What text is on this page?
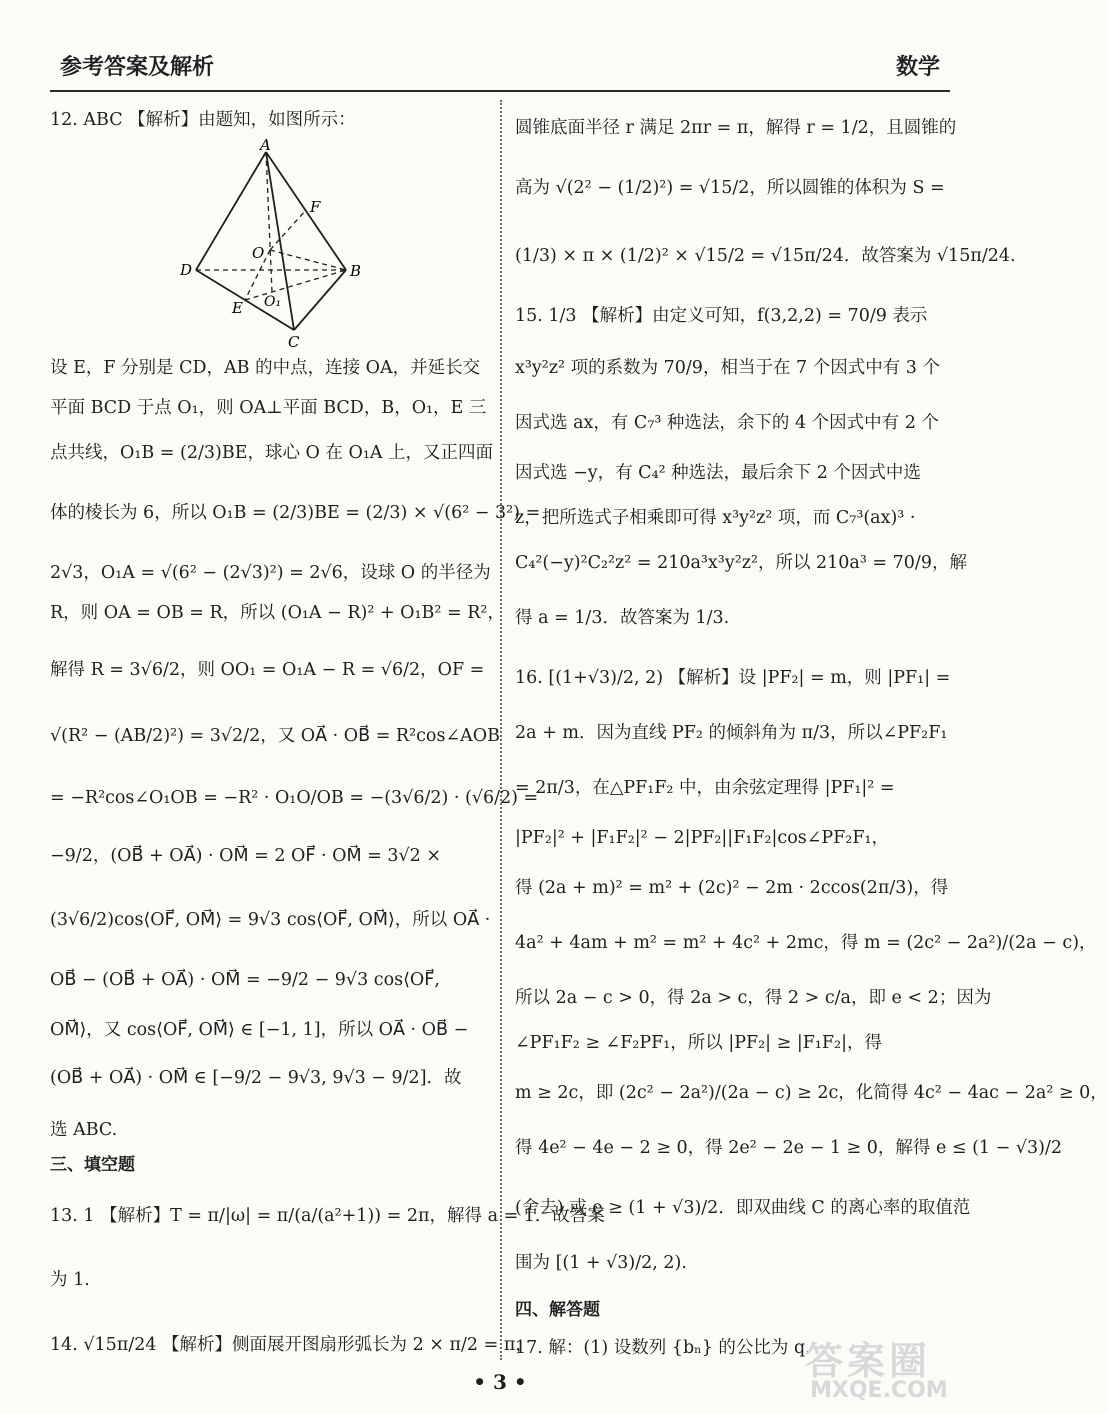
参考答案及解析	数学
12. ABC 【解析】由题知，如图所示：
A
F
O
D	B
E O₁
C
设 E，F 分别是 CD，AB 的中点，连接 OA，并延长交
平面 BCD 于点 O₁，则 OA⊥平面 BCD，B，O₁，E 三
点共线，O₁B = (2/3)BE，球心 O 在 O₁A 上，又正四面
体的棱长为 6，所以 O₁B = (2/3)BE = (2/3) × √(6² − 3²) =
2√3，O₁A = √(6² − (2√3)²) = 2√6，设球 O 的半径为
R，则 OA = OB = R，所以 (O₁A − R)² + O₁B² = R²，
解得 R = 3√6/2，则 OO₁ = O₁A − R = √6/2，OF =
√(R² − (AB/2)²) = 3√2/2，又 OA⃗ · OB⃗ = R²cos∠AOB
= −R²cos∠O₁OB = −R² · O₁O/OB = −(3√6/2) · (√6/2) =
−9/2，(OB⃗ + OA⃗) · OM⃗ = 2 OF⃗ · OM⃗ = 3√2 ×
(3√6/2)cos⟨OF⃗, OM⃗⟩ = 9√3 cos⟨OF⃗, OM⃗⟩，所以 OA⃗ ·
OB⃗ − (OB⃗ + OA⃗) · OM⃗ = −9/2 − 9√3 cos⟨OF⃗,
OM⃗⟩，又 cos⟨OF⃗, OM⃗⟩ ∈ [−1, 1]，所以 OA⃗ · OB⃗ −
(OB⃗ + OA⃗) · OM⃗ ∈ [−9/2 − 9√3, 9√3 − 9/2]．故
选 ABC.
三、填空题
13. 1 【解析】T = π/|ω| = π/(a/(a²+1)) = 2π，解得 a = 1．故答案
为 1.
14. √15π/24 【解析】侧面展开图扇形弧长为 2 × π/2 = π，
圆锥底面半径 r 满足 2πr = π，解得 r = 1/2，且圆锥的
高为 √(2² − (1/2)²) = √15/2，所以圆锥的体积为 S =
(1/3) × π × (1/2)² × √15/2 = √15π/24．故答案为 √15π/24.
15. 1/3 【解析】由定义可知，f(3,2,2) = 70/9 表示
x³y²z² 项的系数为 70/9，相当于在 7 个因式中有 3 个
因式选 ax，有 C₇³ 种选法，余下的 4 个因式中有 2 个
因式选 −y，有 C₄² 种选法，最后余下 2 个因式中选
z，把所选式子相乘即可得 x³y²z² 项，而 C₇³(ax)³ ·
C₄²(−y)²C₂²z² = 210a³x³y²z²，所以 210a³ = 70/9，解
得 a = 1/3．故答案为 1/3.
16. [(1+√3)/2, 2) 【解析】设 |PF₂| = m，则 |PF₁| =
2a + m．因为直线 PF₂ 的倾斜角为 π/3，所以∠PF₂F₁
= 2π/3，在△PF₁F₂ 中，由余弦定理得 |PF₁|² =
|PF₂|² + |F₁F₂|² − 2|PF₂||F₁F₂|cos∠PF₂F₁，
得 (2a + m)² = m² + (2c)² − 2m · 2ccos(2π/3)，得
4a² + 4am + m² = m² + 4c² + 2mc，得 m = (2c² − 2a²)/(2a − c)，
所以 2a − c > 0，得 2a > c，得 2 > c/a，即 e < 2；因为
∠PF₁F₂ ≥ ∠F₂PF₁，所以 |PF₂| ≥ |F₁F₂|，得
m ≥ 2c，即 (2c² − 2a²)/(2a − c) ≥ 2c，化简得 4c² − 4ac − 2a² ≥ 0，
得 4e² − 4e − 2 ≥ 0，得 2e² − 2e − 1 ≥ 0，解得 e ≤ (1 − √3)/2
(舍去) 或 e ≥ (1 + √3)/2．即双曲线 C 的离心率的取值范
围为 [(1 + √3)/2, 2).
四、解答题
17. 解：(1) 设数列 {bₙ} 的公比为 q.
• 3 •	答案圈
MXQE.COM
